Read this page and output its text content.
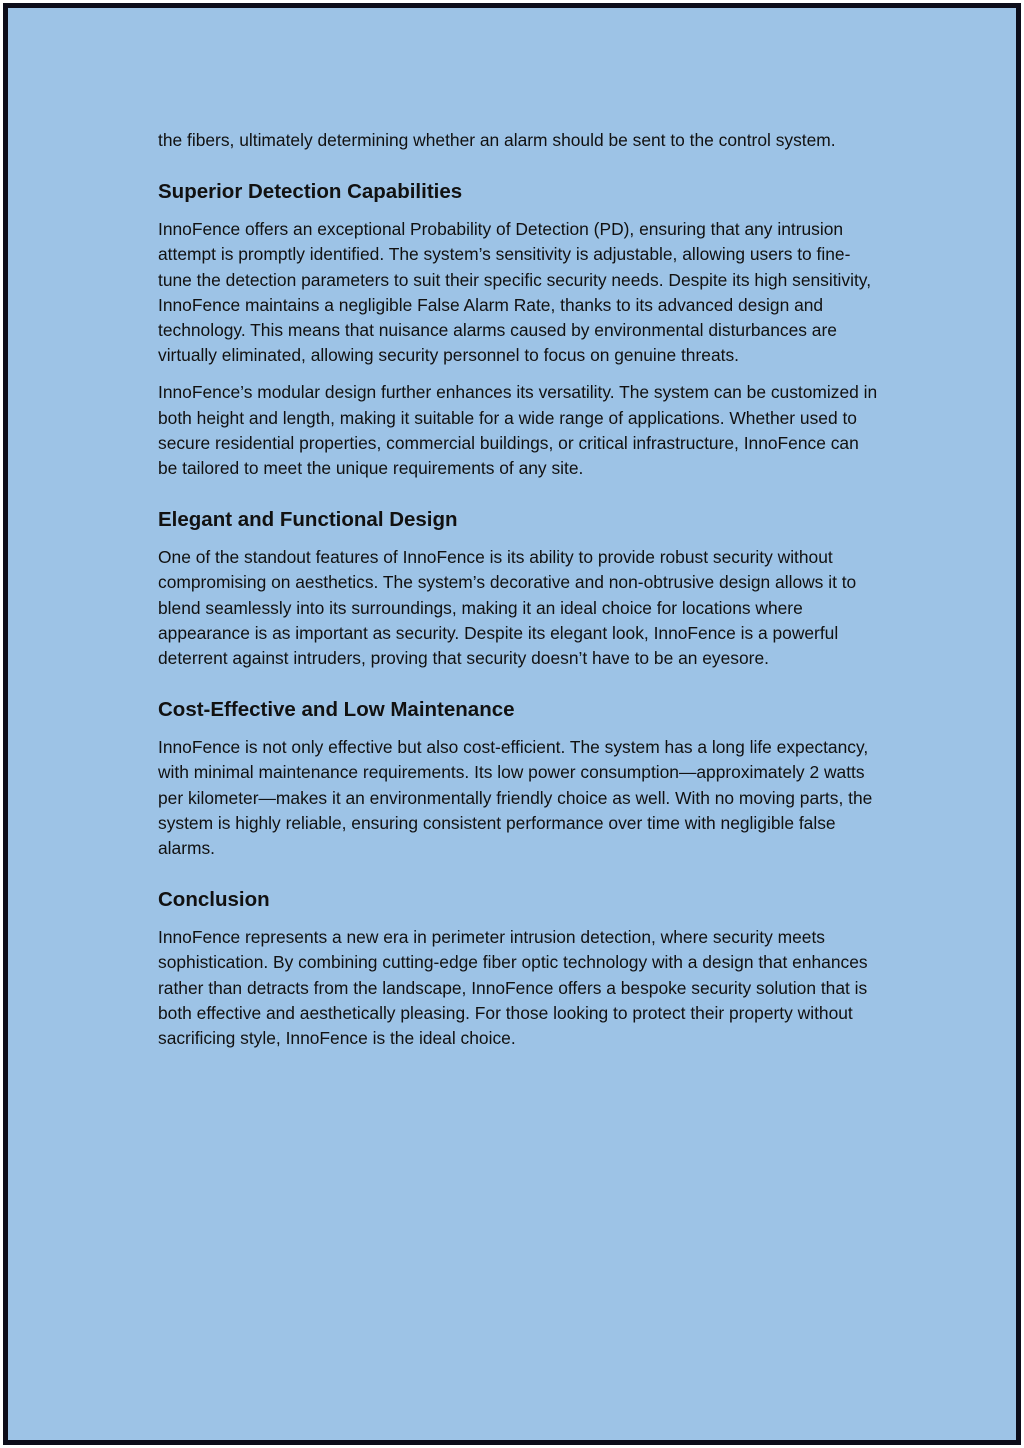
the fibers, ultimately determining whether an alarm should be sent to the control system.

Superior Detection Capabilities

InnoFence offers an exceptional Probability of Detection (PD), ensuring that any intrusion attempt is promptly identified. The system’s sensitivity is adjustable, allowing users to fine-tune the detection parameters to suit their specific security needs. Despite its high sensitivity, InnoFence maintains a negligible False Alarm Rate, thanks to its advanced design and technology. This means that nuisance alarms caused by environmental disturbances are virtually eliminated, allowing security personnel to focus on genuine threats.

InnoFence’s modular design further enhances its versatility. The system can be customized in both height and length, making it suitable for a wide range of applications. Whether used to secure residential properties, commercial buildings, or critical infrastructure, InnoFence can be tailored to meet the unique requirements of any site.

Elegant and Functional Design

One of the standout features of InnoFence is its ability to provide robust security without compromising on aesthetics. The system’s decorative and non-obtrusive design allows it to blend seamlessly into its surroundings, making it an ideal choice for locations where appearance is as important as security. Despite its elegant look, InnoFence is a powerful deterrent against intruders, proving that security doesn’t have to be an eyesore.

Cost-Effective and Low Maintenance

InnoFence is not only effective but also cost-efficient. The system has a long life expectancy, with minimal maintenance requirements. Its low power consumption—approximately 2 watts per kilometer—makes it an environmentally friendly choice as well. With no moving parts, the system is highly reliable, ensuring consistent performance over time with negligible false alarms.

Conclusion

InnoFence represents a new era in perimeter intrusion detection, where security meets sophistication. By combining cutting-edge fiber optic technology with a design that enhances rather than detracts from the landscape, InnoFence offers a bespoke security solution that is both effective and aesthetically pleasing. For those looking to protect their property without sacrificing style, InnoFence is the ideal choice.
